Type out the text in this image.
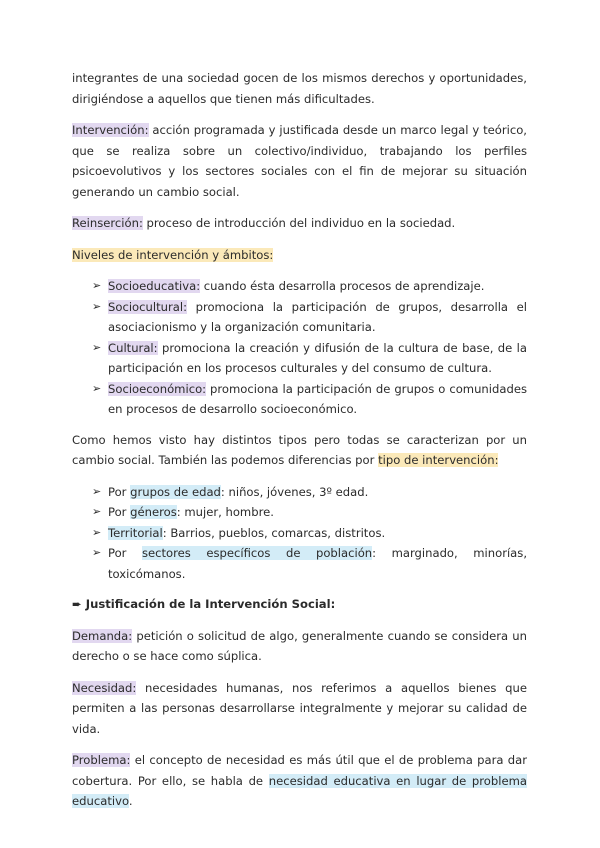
integrantes de una sociedad gocen de los mismos derechos y oportunidades, dirigiéndose a aquellos que tienen más dificultades.

Intervención: acción programada y justificada desde un marco legal y teórico, que se realiza sobre un colectivo/individuo, trabajando los perfiles psicoevolutivos y los sectores sociales con el fin de mejorar su situación generando un cambio social.

Reinserción: proceso de introducción del individuo en la sociedad.

Niveles de intervención y ámbitos:

➢ Socioeducativa: cuando ésta desarrolla procesos de aprendizaje.
➢ Sociocultural: promociona la participación de grupos, desarrolla el asociacionismo y la organización comunitaria.
➢ Cultural: promociona la creación y difusión de la cultura de base, de la participación en los procesos culturales y del consumo de cultura.
➢ Socioeconómico: promociona la participación de grupos o comunidades en procesos de desarrollo socioeconómico.

Como hemos visto hay distintos tipos pero todas se caracterizan por un cambio social. También las podemos diferencias por tipo de intervención:

➢ Por grupos de edad: niños, jóvenes, 3º edad.
➢ Por géneros: mujer, hombre.
➢ Territorial: Barrios, pueblos, comarcas, distritos.
➢ Por sectores específicos de población: marginado, minorías, toxicómanos.

➨ Justificación de la Intervención Social:

Demanda: petición o solicitud de algo, generalmente cuando se considera un derecho o se hace como súplica.

Necesidad: necesidades humanas, nos referimos a aquellos bienes que permiten a las personas desarrollarse integralmente y mejorar su calidad de vida.

Problema: el concepto de necesidad es más útil que el de problema para dar cobertura. Por ello, se habla de necesidad educativa en lugar de problema educativo.
